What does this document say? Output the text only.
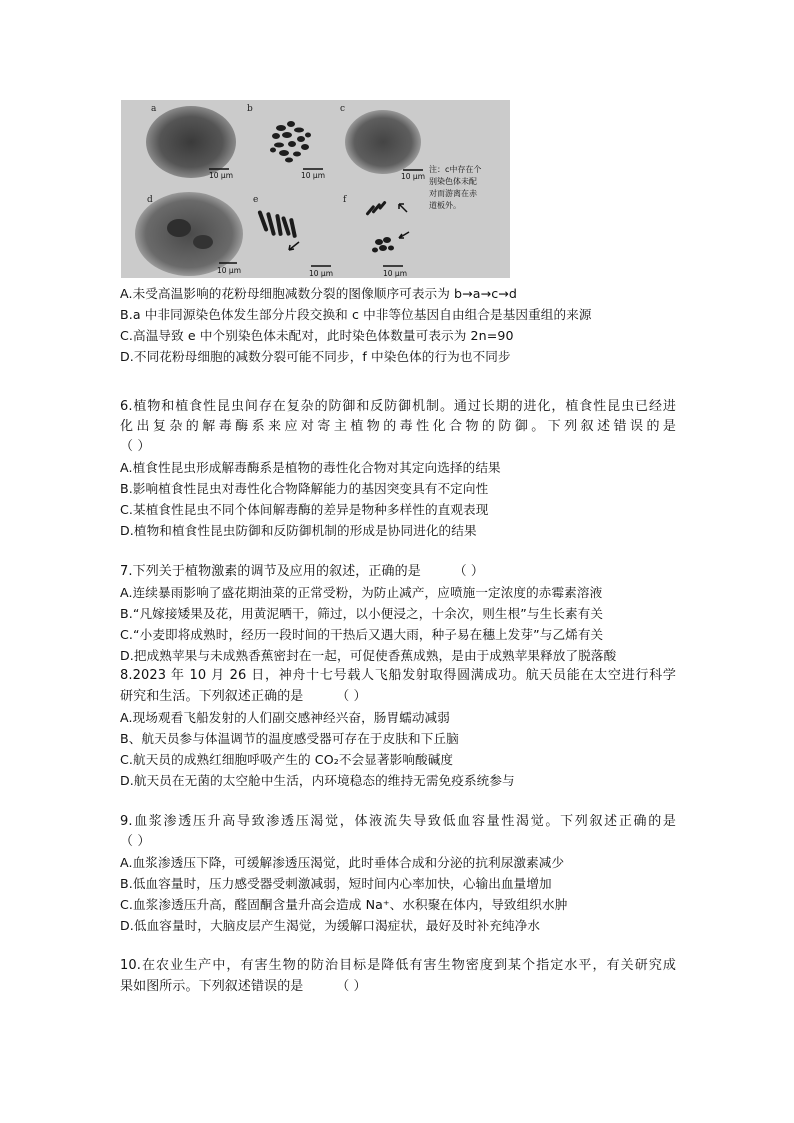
a
10 μm
b
10 μm
c
10 μm
注：c中存在个
别染色体未配
对而游离在赤
道板外。
d
10 μm
e
10 μm
f
10 μm
A.未受高温影响的花粉母细胞减数分裂的图像顺序可表示为 b→a→c→d
B.a 中非同源染色体发生部分片段交换和 c 中非等位基因自由组合是基因重组的来源
C.高温导致 e 中个别染色体未配对，此时染色体数量可表示为 2n=90
D.不同花粉母细胞的减数分裂可能不同步，f 中染色体的行为也不同步
6.植物和植食性昆虫间存在复杂的防御和反防御机制。通过长期的进化，植食性昆虫已经进
化出复杂的解毒酶系来应对寄主植物的毒性化合物的防御。下列叙述错误的是
（ ）
A.植食性昆虫形成解毒酶系是植物的毒性化合物对其定向选择的结果
B.影响植食性昆虫对毒性化合物降解能力的基因突变具有不定向性
C.某植食性昆虫不同个体间解毒酶的差异是物种多样性的直观表现
D.植物和植食性昆虫防御和反防御机制的形成是协同进化的结果
7.下列关于植物激素的调节及应用的叙述，正确的是　　　（ ）
A.连续暴雨影响了盛花期油菜的正常受粉，为防止减产，应喷施一定浓度的赤霉素溶液
B.“凡嫁接矮果及花，用黄泥晒干，筛过，以小便浸之，十余次，则生根”与生长素有关
C.“小麦即将成熟时，经历一段时间的干热后又遇大雨，种子易在穗上发芽”与乙烯有关
D.把成熟苹果与未成熟香蕉密封在一起，可促使香蕉成熟，是由于成熟苹果释放了脱落酸
8.2023 年 10 月 26 日，神舟十七号载人飞船发射取得圆满成功。航天员能在太空进行科学
研究和生活。下列叙述正确的是　　　（ ）
A.现场观看飞船发射的人们副交感神经兴奋，肠胃蠕动减弱
B、航天员参与体温调节的温度感受器可存在于皮肤和下丘脑
C.航天员的成熟红细胞呼吸产生的 CO₂不会显著影响酸碱度
D.航天员在无菌的太空舱中生活，内环境稳态的维持无需免疫系统参与
9.血浆渗透压升高导致渗透压渴觉，体液流失导致低血容量性渴觉。下列叙述正确的是
（ ）
A.血浆渗透压下降，可缓解渗透压渴觉，此时垂体合成和分泌的抗利尿激素减少
B.低血容量时，压力感受器受刺激减弱，短时间内心率加快，心输出血量增加
C.血浆渗透压升高，醛固酮含量升高会造成 Na⁺、水积聚在体内，导致组织水肿
D.低血容量时，大脑皮层产生渴觉，为缓解口渴症状，最好及时补充纯净水
10.在农业生产中，有害生物的防治目标是降低有害生物密度到某个指定水平，有关研究成
果如图所示。下列叙述错误的是　　　（ ）
